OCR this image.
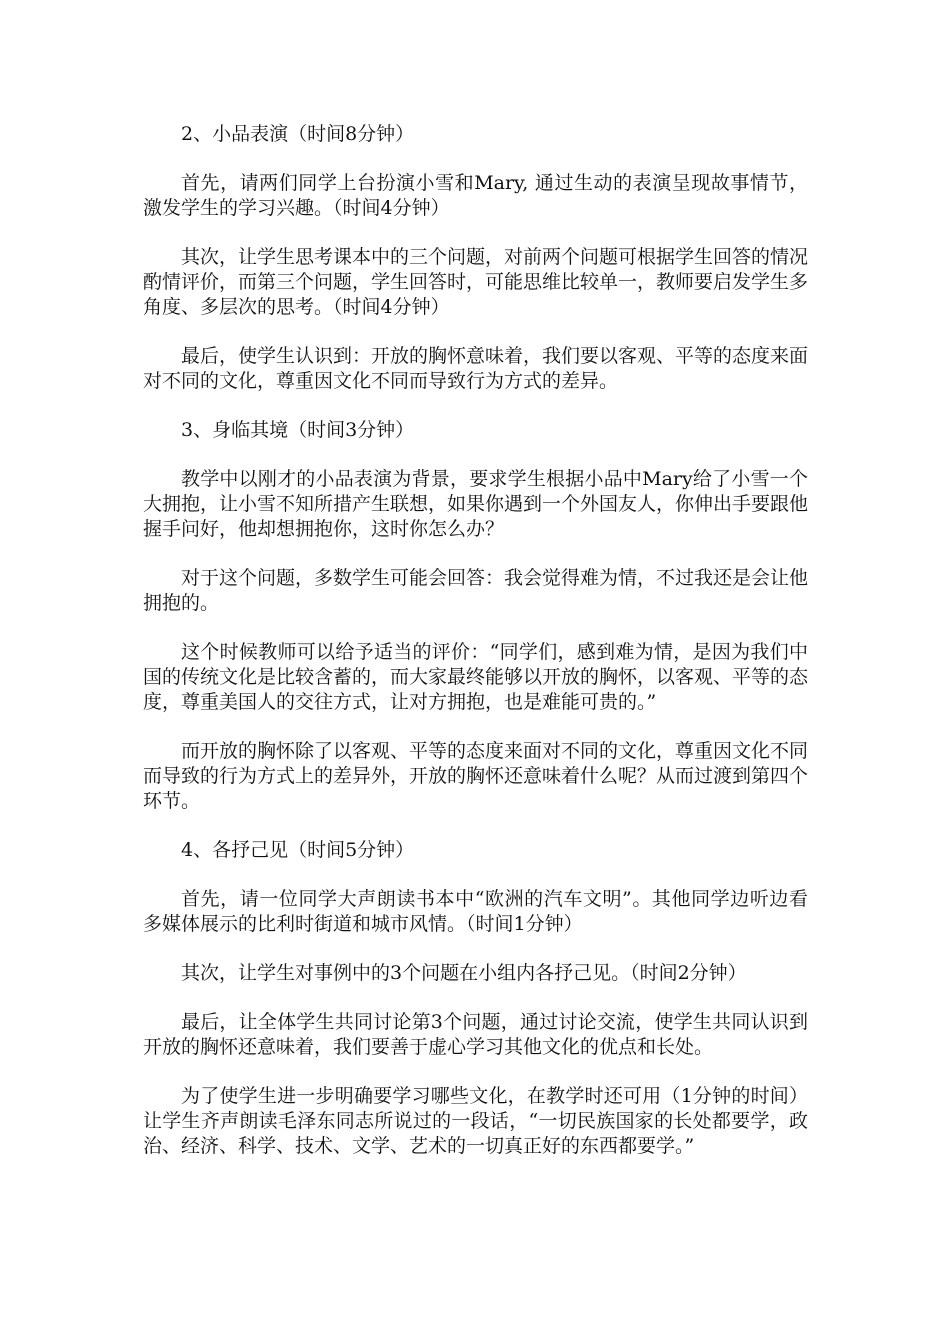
2、小品表演（时间8分钟）

首先，请两们同学上台扮演小雪和Mary, 通过生动的表演呈现故事情节，激发学生的学习兴趣。（时间4分钟）

其次，让学生思考课本中的三个问题，对前两个问题可根据学生回答的情况酌情评价，而第三个问题，学生回答时，可能思维比较单一，教师要启发学生多角度、多层次的思考。（时间4分钟）

最后，使学生认识到：开放的胸怀意味着，我们要以客观、平等的态度来面对不同的文化，尊重因文化不同而导致行为方式的差异。

3、身临其境（时间3分钟）

教学中以刚才的小品表演为背景，要求学生根据小品中Mary给了小雪一个大拥抱，让小雪不知所措产生联想，如果你遇到一个外国友人，你伸出手要跟他握手问好，他却想拥抱你，这时你怎么办？

对于这个问题，多数学生可能会回答：我会觉得难为情，不过我还是会让他拥抱的。

这个时候教师可以给予适当的评价：“同学们，感到难为情，是因为我们中国的传统文化是比较含蓄的，而大家最终能够以开放的胸怀，以客观、平等的态度，尊重美国人的交往方式，让对方拥抱，也是难能可贵的。”

而开放的胸怀除了以客观、平等的态度来面对不同的文化，尊重因文化不同而导致的行为方式上的差异外，开放的胸怀还意味着什么呢？从而过渡到第四个环节。

4、各抒己见（时间5分钟）

首先，请一位同学大声朗读书本中“欧洲的汽车文明”。其他同学边听边看多媒体展示的比利时街道和城市风情。（时间1分钟）

其次，让学生对事例中的3个问题在小组内各抒己见。（时间2分钟）

最后，让全体学生共同讨论第3个问题，通过讨论交流，使学生共同认识到开放的胸怀还意味着，我们要善于虚心学习其他文化的优点和长处。

为了使学生进一步明确要学习哪些文化，在教学时还可用（1分钟的时间）让学生齐声朗读毛泽东同志所说过的一段话，“一切民族国家的长处都要学，政治、经济、科学、技术、文学、艺术的一切真正好的东西都要学。”
